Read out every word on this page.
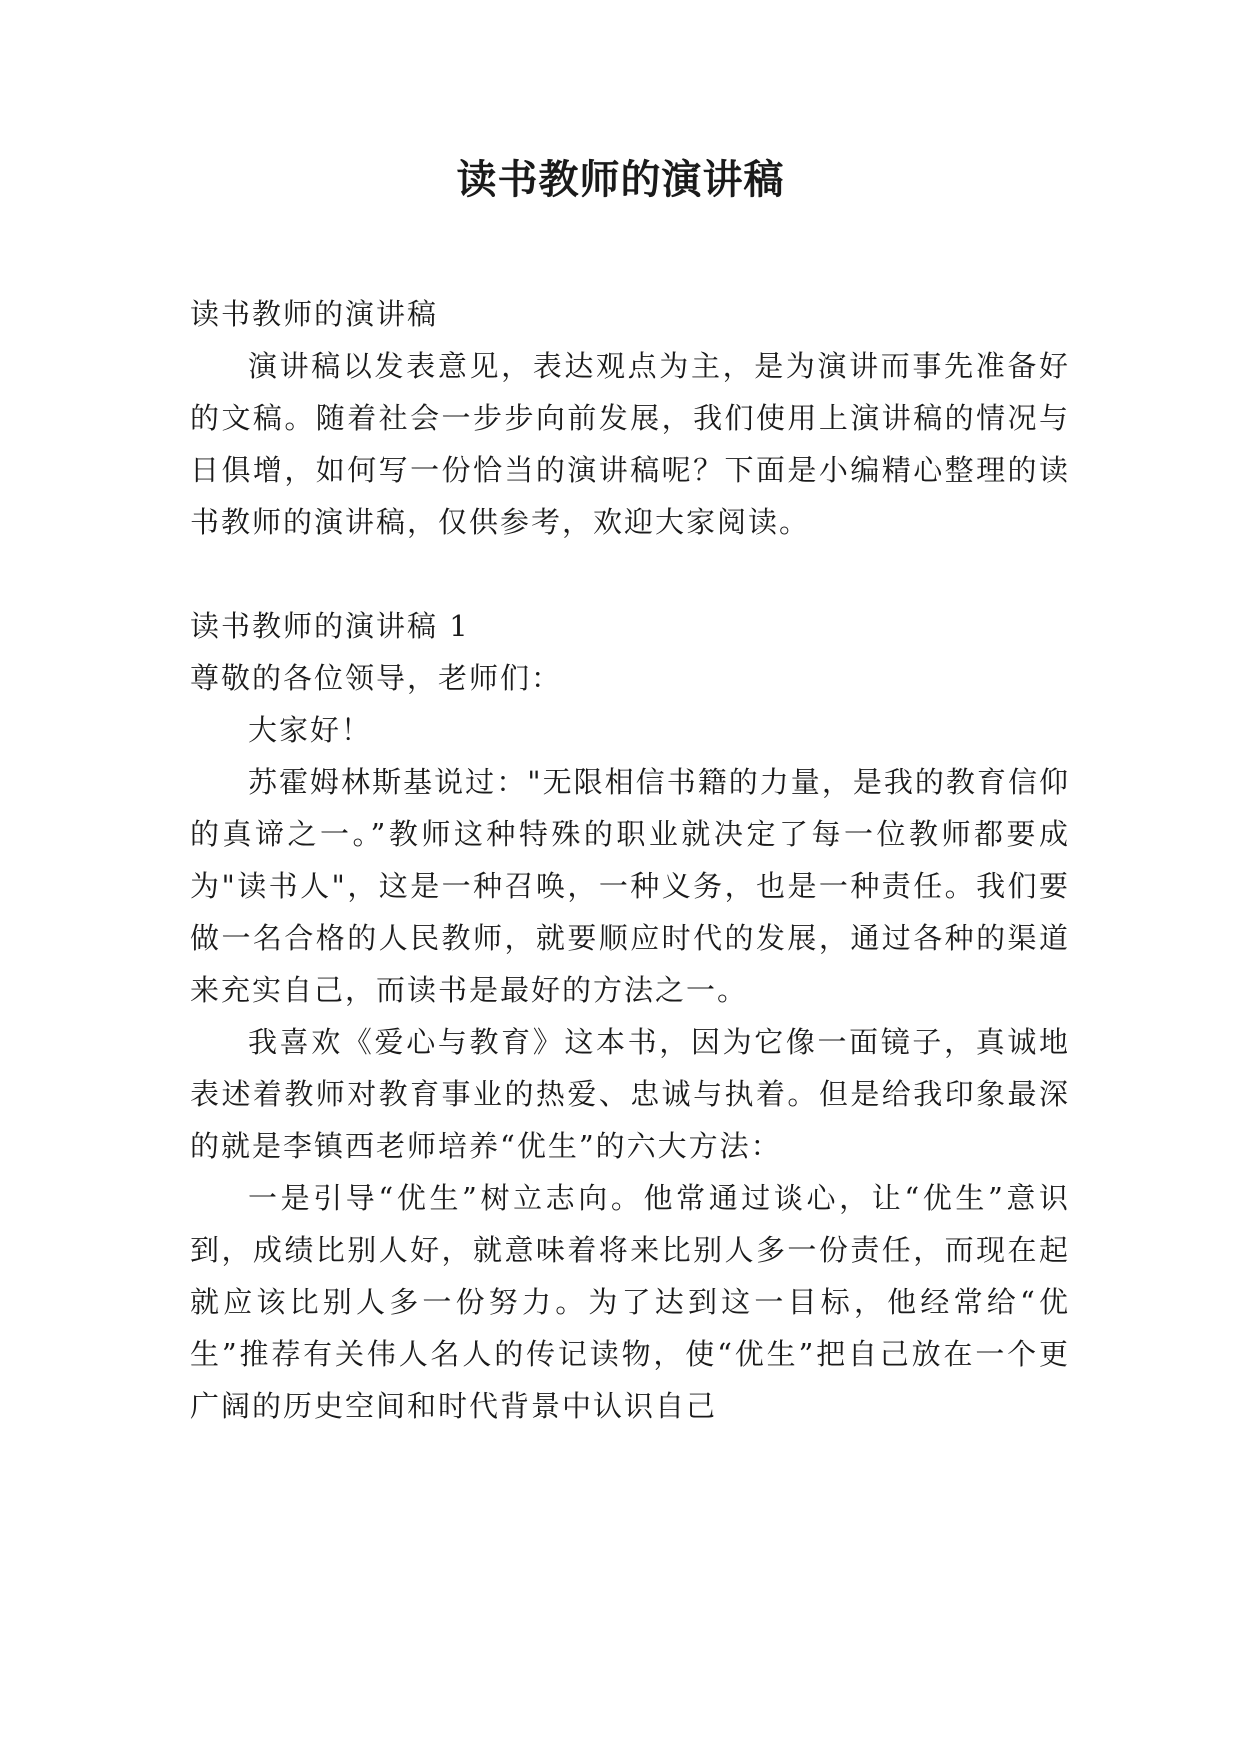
读书教师的演讲稿

读书教师的演讲稿

演讲稿以发表意见，表达观点为主，是为演讲而事先准备好的文稿。随着社会一步步向前发展，我们使用上演讲稿的情况与日俱增，如何写一份恰当的演讲稿呢？下面是小编精心整理的读书教师的演讲稿，仅供参考，欢迎大家阅读。

读书教师的演讲稿 1

尊敬的各位领导，老师们：

大家好！

苏霍姆林斯基说过："无限相信书籍的力量，是我的教育信仰的真谛之一。”教师这种特殊的职业就决定了每一位教师都要成为"读书人"，这是一种召唤，一种义务，也是一种责任。我们要做一名合格的人民教师，就要顺应时代的发展，通过各种的渠道来充实自己，而读书是最好的方法之一。

我喜欢《爱心与教育》这本书，因为它像一面镜子，真诚地表述着教师对教育事业的热爱、忠诚与执着。但是给我印象最深的就是李镇西老师培养“优生”的六大方法：

一是引导“优生”树立志向。他常通过谈心，让“优生”意识到，成绩比别人好，就意味着将来比别人多一份责任，而现在起就应该比别人多一份努力。为了达到这一目标，他经常给“优生”推荐有关伟人名人的传记读物，使“优生”把自己放在一个更广阔的历史空间和时代背景中认识自己
